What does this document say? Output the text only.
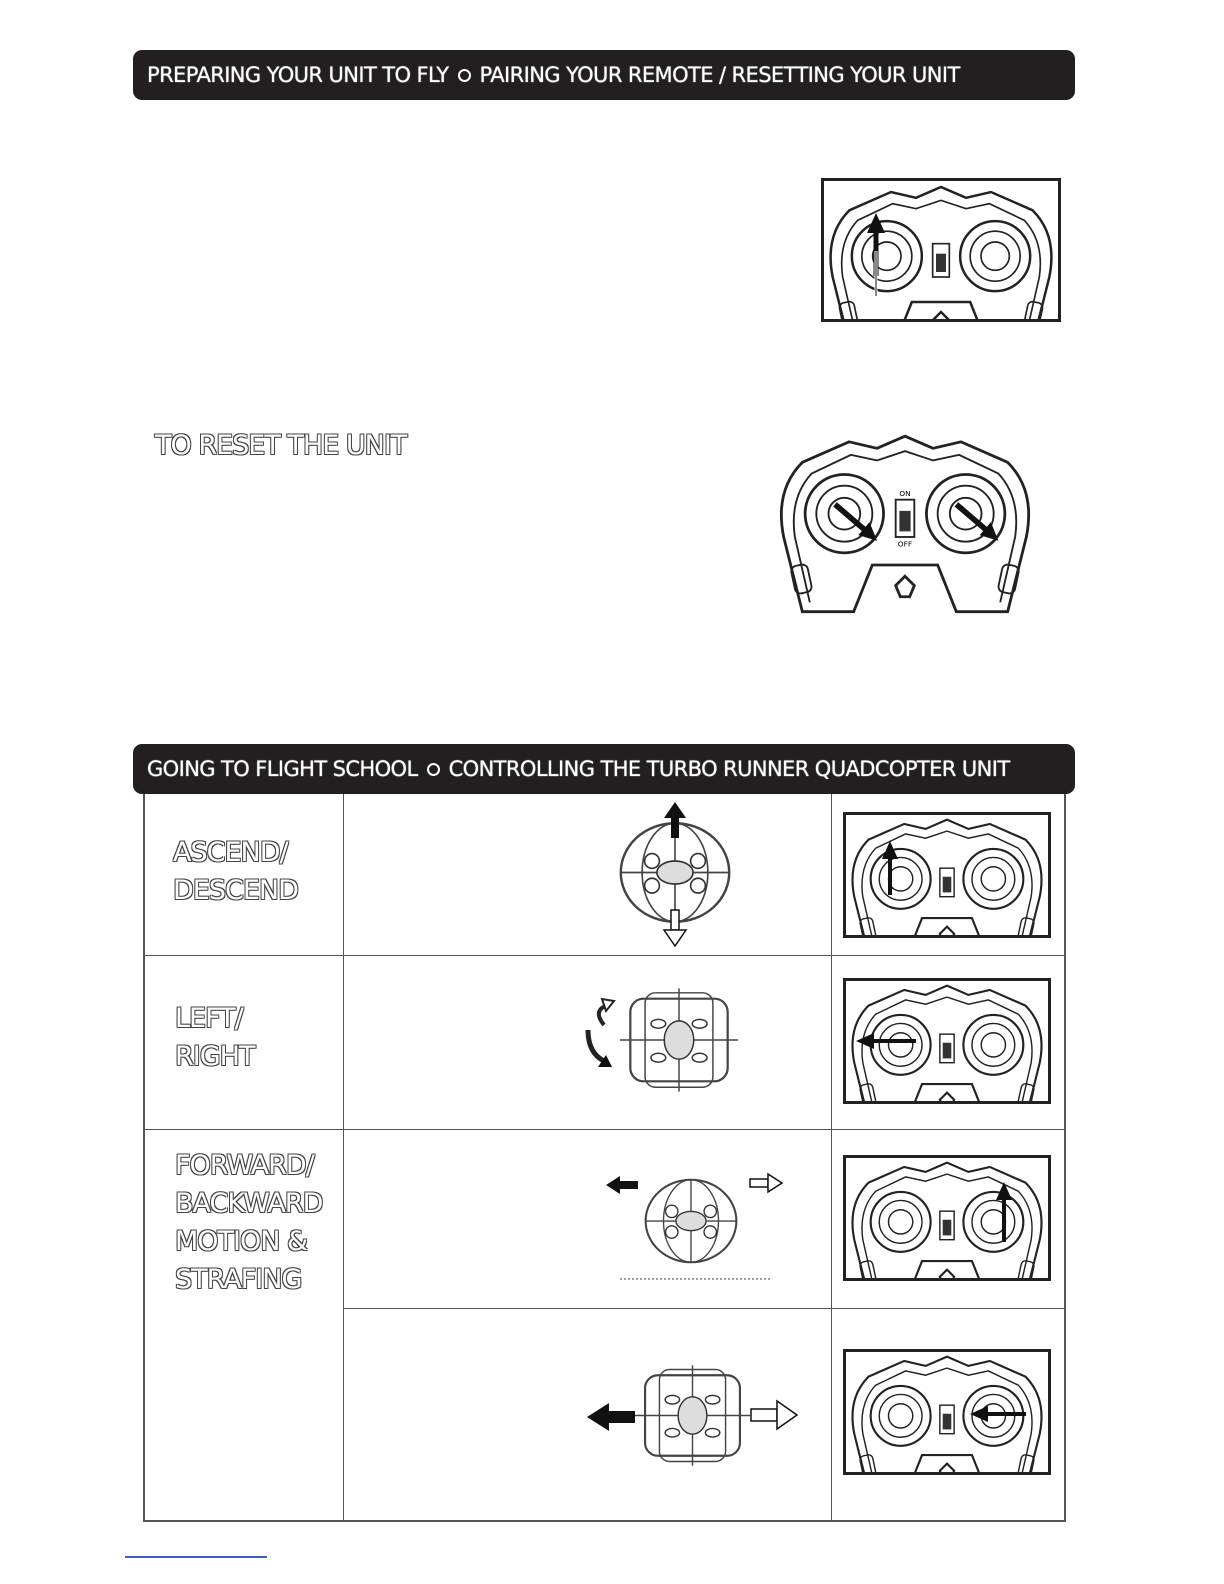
PREPARING YOUR UNIT TO FLY PAIRING YOUR REMOTE / RESETTING YOUR UNIT
TO RESET THE UNIT
ON
OFF
GOING TO FLIGHT SCHOOL CONTROLLING THE TURBO RUNNER QUADCOPTER UNIT
ASCEND/
DESCEND
LEFT/
RIGHT
FORWARD/
BACKWARD
MOTION &
STRAFING
